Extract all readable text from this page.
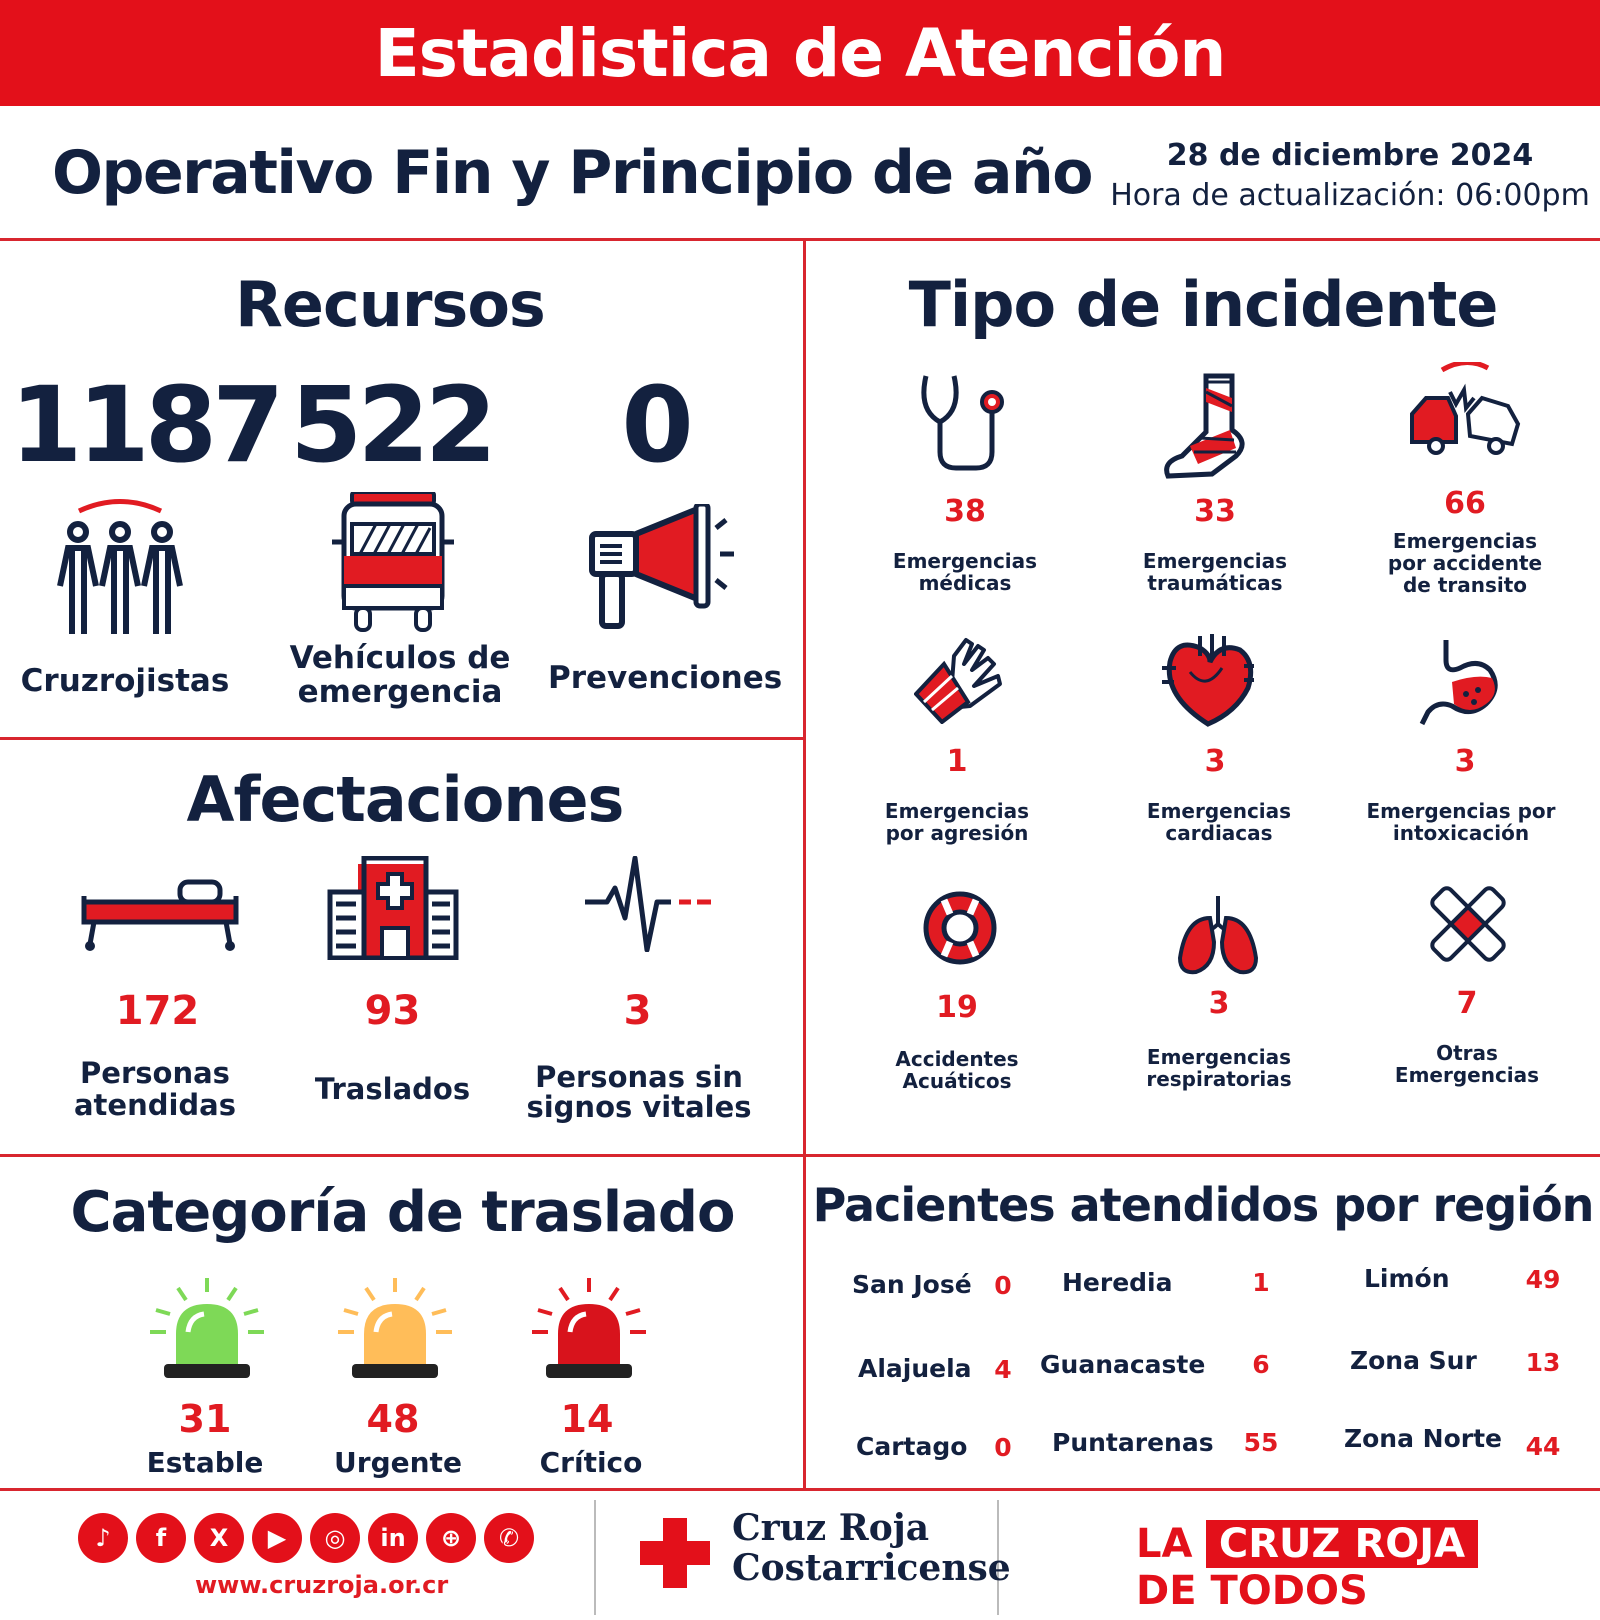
Estadistica de Atención
Operativo Fin y Principio de año	28 de diciembre 2024
Hora de actualización: 06:00pm
Recursos
1187 522	0
Cruzrojistas
Vehículos de
emergencia	Prevenciones
Afectaciones
172	93	3
Personas
atendidas	Traslados	Personas sin
signos vitales
Tipo de incidente
38
Emergencias
médicas
33
Emergencias
traumáticas
66
Emergencias
por accidente
de transito
1
Emergencias
por agresión
3
Emergencias
cardiacas
3
Emergencias por
intoxicación
19
Accidentes
Acuáticos
3
Emergencias
respiratorias
7
Otras
Emergencias
Categoría de traslado
31	48	14
Estable	Urgente	Crítico
Pacientes atendidos por región
San José 0
Alajuela 4
Cartago	0
Heredia	1
Guanacaste	6
Puntarenas	55
Limón	49
Zona Sur	13
Zona Norte 44
♪	f	X	▶	◎	in	⊕	✆
www.cruzroja.or.cr
Cruz Roja
Costarricense
LA CRUZ ROJA
DE TODOS
